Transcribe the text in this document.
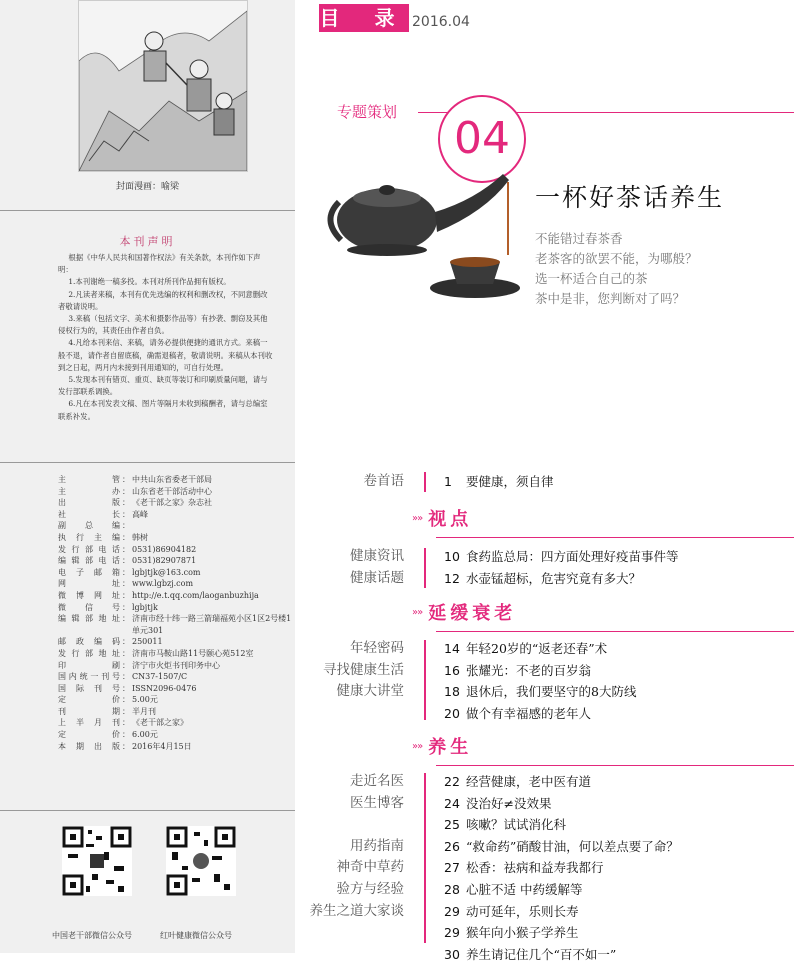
封面漫画：喻梁
本刊声明

根据《中华人民共和国著作权法》有关条款，本刊作如下声明：

1.本刊谢绝一稿多投。本刊对所刊作品拥有版权。

2.凡读者来稿，本刊有优先选编的权利和删改权，不同意删改者敬请说明。

3.来稿（包括文字、美术和摄影作品等）有抄袭、剽窃及其他侵权行为的，其责任由作者自负。

4.凡给本刊来信、来稿，请务必提供便捷的通讯方式。来稿一般不退，请作者自留底稿，确需退稿者，敬请说明。来稿从本刊收到之日起，两月内未接到刊用通知的，可自行处理。

5.发现本刊有错页、重页、缺页等装订和印刷质量问题，请与发行部联系调换。

6.凡在本刊发表文稿、图片等隔月未收到稿酬者，请与总编室联系补发。

主管 ： 中共山东省委老干部局
主办 ： 山东省老干部活动中心
出版 ： 《老干部之家》杂志社
社长 ： 高峰
副总编 ：
执行主编 ： 韩树
发行部电话 ： 0531)86904182
编辑部电话 ： 0531)82907871
电子邮箱 ： lgbjtjk@163.com
网址 ： www.lgbzj.com
微博网址 ： http://e.t.qq.com/laoganbuzhija
微信号 ： lgbjtjk
编辑部地址 ： 济南市经十纬一路三箭瑞福苑小区1区2号楼1单元301
邮政编码 ： 250011
发行部地址 ： 济南市马鞍山路11号颐心苑512室
印刷 ： 济宁市火炬书刊印务中心
国内统一刊号 ： CN37-1507/C
国际刊号 ： ISSN2096-0476
定价 ： 5.00元
刊期 ： 半月刊
上半月刊 ： 《老干部之家》
定价 ： 6.00元
本期出版 ： 2016年4月15日
中国老干部微信公众号	红叶健康微信公众号
目 录 2016.04
专题策划
04
一杯好茶话养生
不能错过春茶香
老茶客的欲罢不能，为哪般？
选一杯适合自己的茶
茶中是非，您判断对了吗？
卷首语	1 要健康，须自律
»» 视点
健康资讯
健康话题
10 食药监总局：四方面处理好疫苗事件等
12 水壶锰超标，危害究竟有多大？
»» 延缓衰老
年轻密码
寻找健康生活
健康大讲堂
14 年轻20岁的“返老还春”术
16 张耀光：不老的百岁翁
18 退休后，我们要坚守的8大防线
20 做个有幸福感的老年人
»» 养生
走近名医
医生博客

用药指南
神奇中草药
验方与经验
养生之道大家谈
22 经营健康，老中医有道
24 没治好≠没效果
25 咳嗽？试试消化科
26 “救命药”硝酸甘油，何以差点要了命？
27 松香：祛病和益寿我都行
28 心脏不适 中药缓解等
29 动可延年，乐则长寿
29 猴年向小猴子学养生
30 养生请记住几个“百不如一”
